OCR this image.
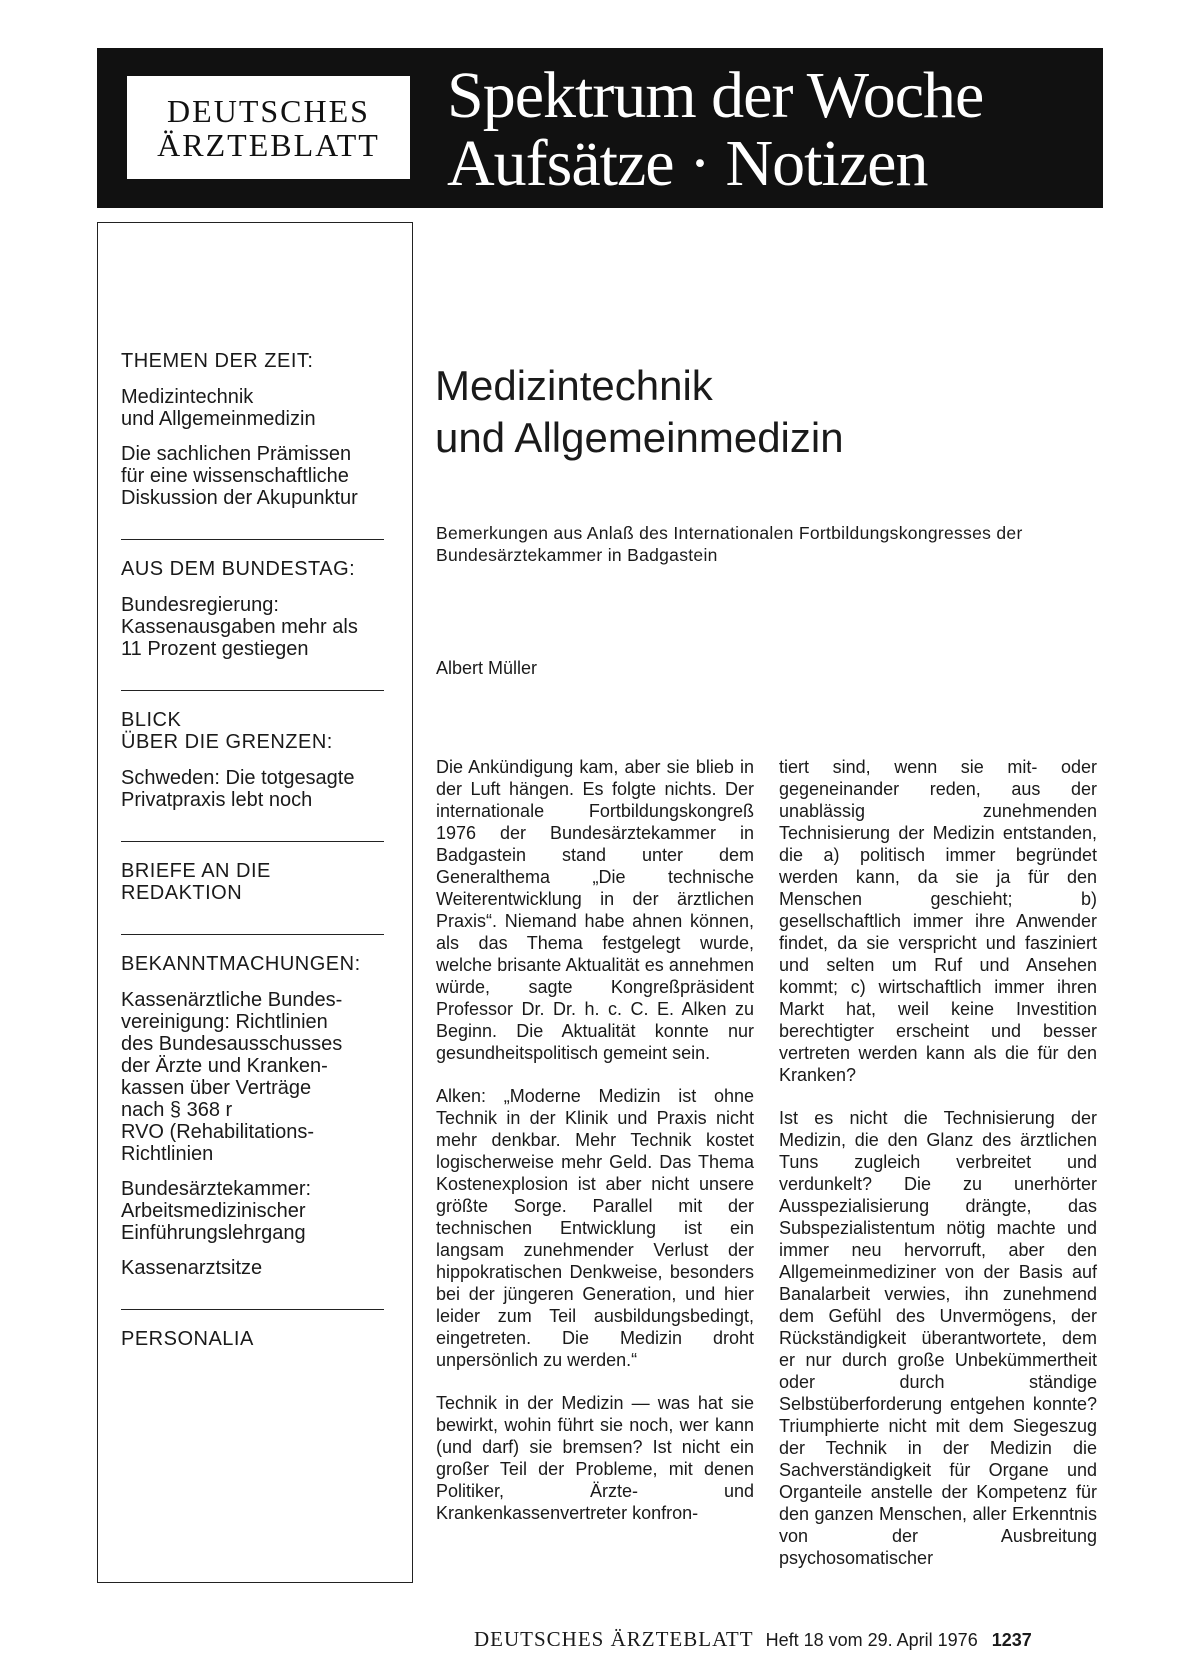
DEUTSCHES
ÄRZTEBLATT
Spektrum der Woche
Aufsätze · Notizen
THEMEN DER ZEIT:
Medizintechnik
und Allgemeinmedizin
Die sachlichen Prämissen
für eine wissenschaftliche
Diskussion der Akupunktur
AUS DEM BUNDESTAG:
Bundesregierung:
Kassenausgaben mehr als
11 Prozent gestiegen
BLICK
ÜBER DIE GRENZEN:
Schweden: Die totgesagte
Privatpraxis lebt noch
BRIEFE AN DIE
REDAKTION
BEKANNTMACHUNGEN:
Kassenärztliche Bundes-
vereinigung: Richtlinien
des Bundesausschusses
der Ärzte und Kranken-
kassen über Verträge
nach § 368 r
RVO (Rehabilitations-
Richtlinien
Bundesärztekammer:
Arbeitsmedizinischer
Einführungslehrgang
Kassenarztsitze
PERSONALIA
Medizintechnik
und Allgemeinmedizin
Bemerkungen aus Anlaß des Internationalen Fortbildungskongresses der Bundesärztekammer in Badgastein
Albert Müller

Die Ankündigung kam, aber sie blieb in der Luft hängen. Es folgte nichts. Der internationale Fortbildungskongreß 1976 der Bundesärztekammer in Badgastein stand unter dem Generalthema „Die technische Weiterentwicklung in der ärztlichen Praxis“. Niemand habe ahnen können, als das Thema festgelegt wurde, welche brisante Aktualität es annehmen würde, sagte Kongreßpräsident Professor Dr. Dr. h. c. C. E. Alken zu Beginn. Die Aktualität konnte nur gesundheitspolitisch gemeint sein.

Alken: „Moderne Medizin ist ohne Technik in der Klinik und Praxis nicht mehr denkbar. Mehr Technik kostet logischerweise mehr Geld. Das Thema Kostenexplosion ist aber nicht unsere größte Sorge. Parallel mit der technischen Entwicklung ist ein langsam zunehmender Verlust der hippokratischen Denkweise, besonders bei der jüngeren Generation, und hier leider zum Teil ausbildungsbedingt, eingetreten. Die Medizin droht unpersönlich zu werden.“

Technik in der Medizin — was hat sie bewirkt, wohin führt sie noch, wer kann (und darf) sie bremsen? Ist nicht ein großer Teil der Probleme, mit denen Politiker, Ärzte- und Krankenkassenvertreter konfron-

tiert sind, wenn sie mit- oder gegeneinander reden, aus der unablässig zunehmenden Technisierung der Medizin entstanden, die a) politisch immer begründet werden kann, da sie ja für den Menschen geschieht; b) gesellschaftlich immer ihre Anwender findet, da sie verspricht und fasziniert und selten um Ruf und Ansehen kommt; c) wirtschaftlich immer ihren Markt hat, weil keine Investition berechtigter erscheint und besser vertreten werden kann als die für den Kranken?

Ist es nicht die Technisierung der Medizin, die den Glanz des ärztlichen Tuns zugleich verbreitet und verdunkelt? Die zu unerhörter Ausspezialisierung drängte, das Subspezialistentum nötig machte und immer neu hervorruft, aber den Allgemeinmediziner von der Basis auf Banalarbeit verwies, ihn zunehmend dem Gefühl des Unvermögens, der Rückständigkeit überantwortete, dem er nur durch große Unbekümmertheit oder durch ständige Selbstüberforderung entgehen konnte? Triumphierte nicht mit dem Siegeszug der Technik in der Medizin die Sachverständigkeit für Organe und Organteile anstelle der Kompetenz für den ganzen Menschen, aller Erkenntnis von der Ausbreitung psychosomatischer

DEUTSCHES ÄRZTEBLATT Heft 18 vom 29. April 1976 1237
